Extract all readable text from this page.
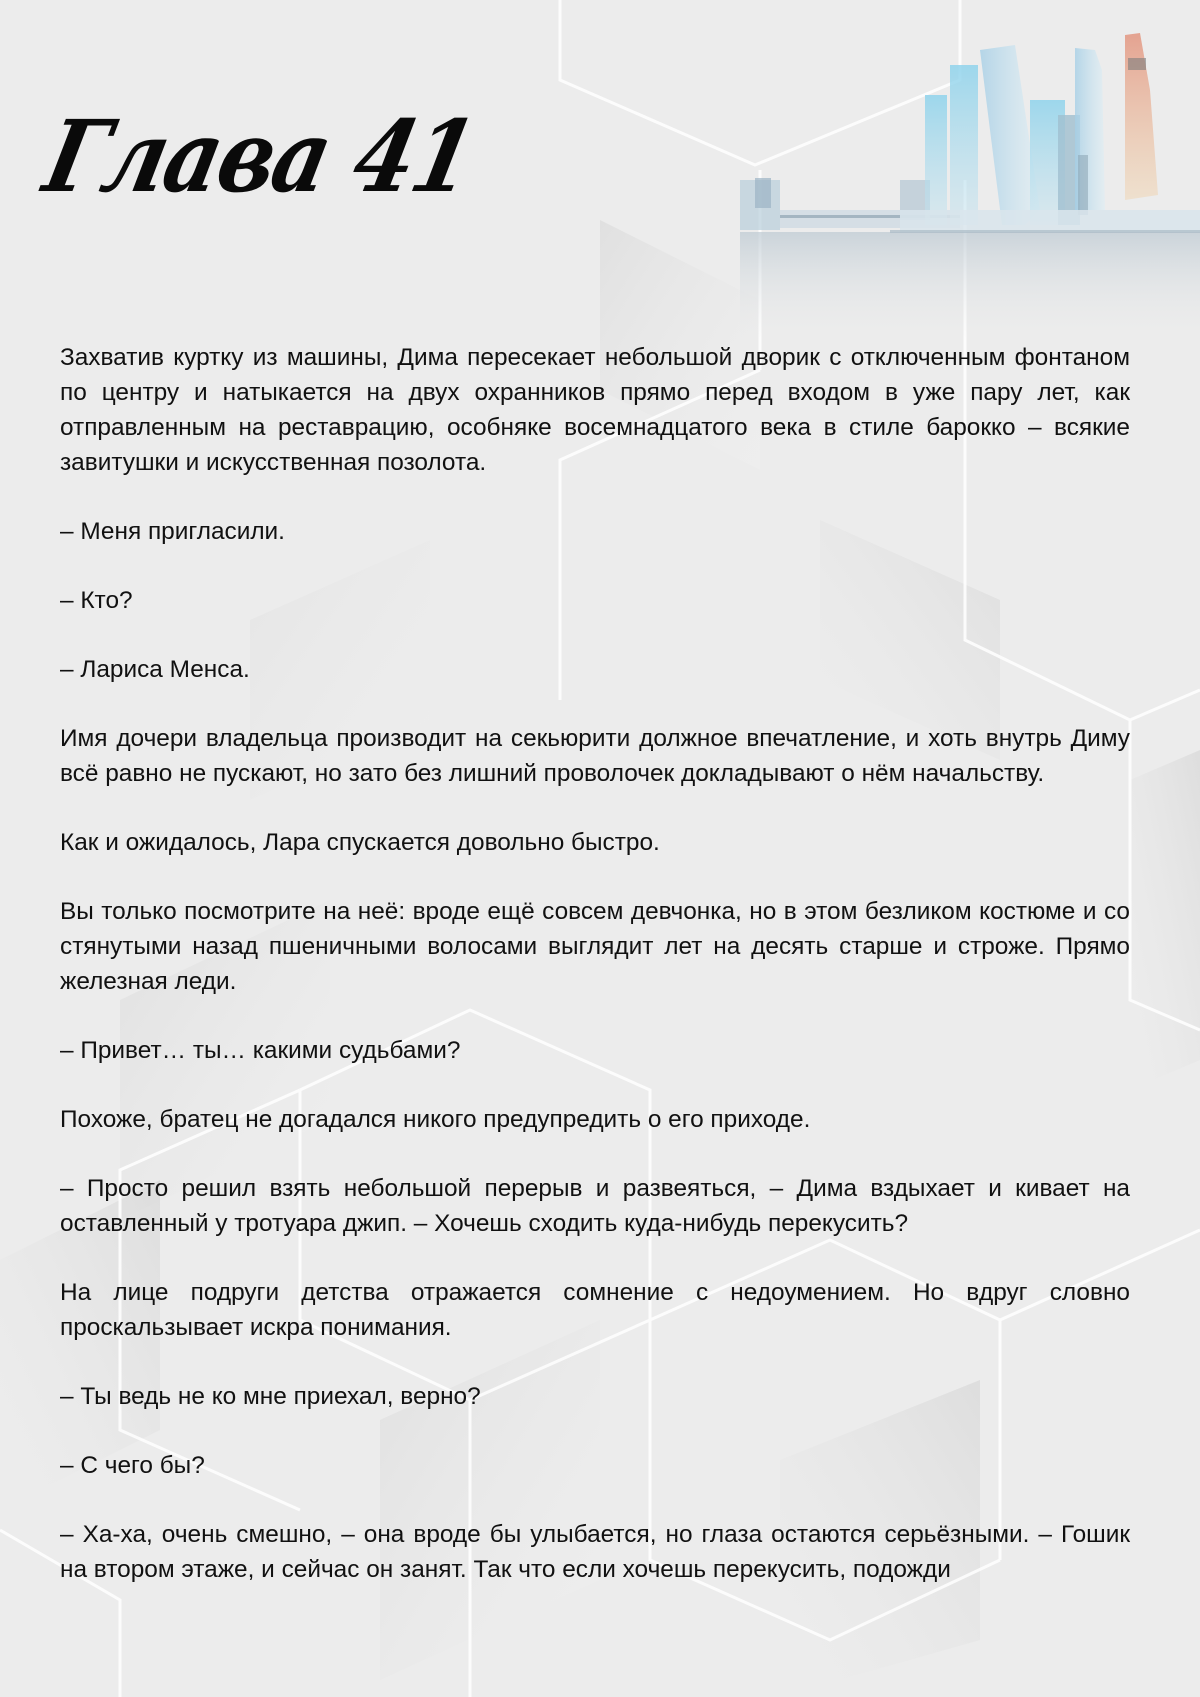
Глава 41

Захватив куртку из машины, Дима пересекает небольшой дворик с отключенным фонтаном по центру и натыкается на двух охранников прямо перед входом в уже пару лет, как отправленным на реставрацию, особняке восемнадцатого века в стиле барокко – всякие завитушки и искусственная позолота.

– Меня пригласили.

– Кто?

– Лариса Менса.

Имя дочери владельца производит на секьюрити должное впечатление, и хоть внутрь Диму всё равно не пускают, но зато без лишний проволочек докладывают о нём начальству.

Как и ожидалось, Лара спускается довольно быстро.

Вы только посмотрите на неё: вроде ещё совсем девчонка, но в этом безликом костюме и со стянутыми назад пшеничными волосами выглядит лет на десять старше и строже. Прямо железная леди.

– Привет… ты… какими судьбами?

Похоже, братец не догадался никого предупредить о его приходе.

– Просто решил взять небольшой перерыв и развеяться, – Дима вздыхает и кивает на оставленный у тротуара джип. – Хочешь сходить куда-нибудь перекусить?

На лице подруги детства отражается сомнение с недоумением. Но вдруг словно проскальзывает искра понимания.

– Ты ведь не ко мне приехал, верно?

– С чего бы?

– Ха-ха, очень смешно, – она вроде бы улыбается, но глаза остаются серьёзными. – Гошик на втором этаже, и сейчас он занят. Так что если хочешь перекусить, подожди
